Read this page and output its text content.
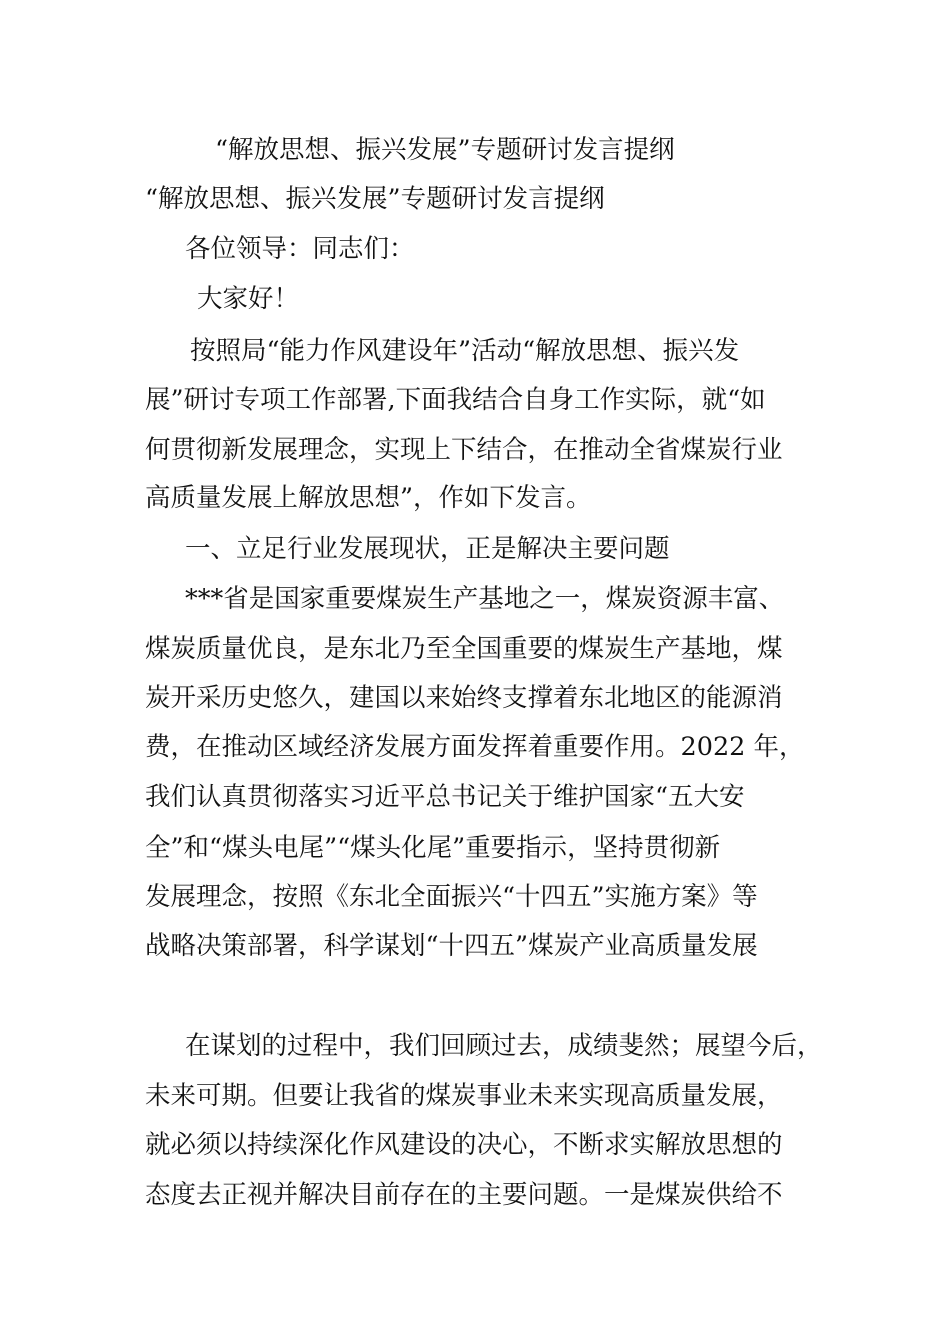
“解放思想、振兴发展”专题研讨发言提纲
“解放思想、振兴发展”专题研讨发言提纲
各位领导：同志们：
大家好！
按照局“能力作风建设年”活动“解放思想、振兴发
展”研讨专项工作部署,下面我结合自身工作实际，就“如
何贯彻新发展理念，实现上下结合，在推动全省煤炭行业
高质量发展上解放思想”，作如下发言。
一、立足行业发展现状，正是解决主要问题
***省是国家重要煤炭生产基地之一，煤炭资源丰富、
煤炭质量优良，是东北乃至全国重要的煤炭生产基地，煤
炭开采历史悠久，建国以来始终支撑着东北地区的能源消
费，在推动区域经济发展方面发挥着重要作用。2022 年，
我们认真贯彻落实习近平总书记关于维护国家“五大安
全”和“煤头电尾”“煤头化尾”重要指示，坚持贯彻新
发展理念，按照《东北全面振兴“十四五”实施方案》等
战略决策部署，科学谋划“十四五”煤炭产业高质量发展
在谋划的过程中，我们回顾过去，成绩斐然；展望今后，
未来可期。但要让我省的煤炭事业未来实现高质量发展，
就必须以持续深化作风建设的决心，不断求实解放思想的
态度去正视并解决目前存在的主要问题。一是煤炭供给不
